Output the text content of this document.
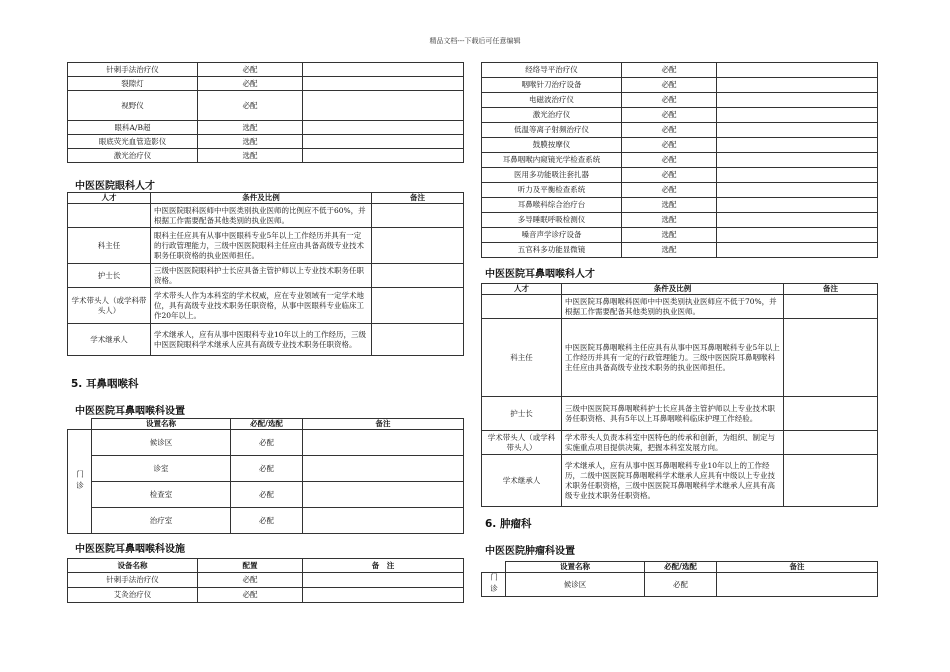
精品文档---下载后可任意编辑
针刺手法治疗仪	必配	
裂隙灯	必配	
视野仪	必配	
眼科A/B超	选配	
眼底荧光血管造影仪	选配	
激光治疗仪	选配	
中医医院眼科人才
人才	条件及比例	备注
	中医医院眼科医师中中医类别执业医师的比例应不低于60%，并根据工作需要配备其他类别的执业医师。	
科主任	眼科主任应具有从事中医眼科专业5年以上工作经历并具有一定的行政管理能力，三级中医医院眼科主任应由具备高级专业技术职务任职资格的执业医师担任。	
护士长	三级中医医院眼科护士长应具备主管护师以上专业技术职务任职资格。	
学术带头人（或学科带头人）	学术带头人作为本科室的学术权威，应在专业领域有一定学术地位，具有高级专业技术职务任职资格，从事中医眼科专业临床工作20年以上。	
学术继承人	学术继承人，应有从事中医眼科专业10年以上的工作经历，三级中医医院眼科学术继承人应具有高级专业技术职务任职资格。	
5. 耳鼻咽喉科
中医医院耳鼻咽喉科设置
	设置名称	必配/选配	备注
门诊	候诊区	必配	
	诊室	必配	
	检查室	必配	
	治疗室	必配	
中医医院耳鼻咽喉科设施
设备名称	配置	备　注
针刺手法治疗仪	必配	
艾灸治疗仪	必配	
经络导平治疗仪	必配	
咽喉针刀治疗设备	必配	
电磁波治疗仪	必配	
激光治疗仪	必配	
低温等离子射频治疗仪	必配	
鼓膜按摩仪	必配	
耳鼻咽喉内窥镜光学检查系统	必配	
医用多功能吸注套扎器	必配	
听力及平衡检查系统	必配	
耳鼻喉科综合治疗台	选配	
多导睡眠呼吸检测仪	选配	
嗓音声学诊疗设备	选配	
五官科多功能显微镜	选配	
中医医院耳鼻咽喉科人才
人才	条件及比例	备注
	中医医院耳鼻咽喉科医师中中医类别执业医师应不低于70%，并根据工作需要配备其他类别的执业医师。	
科主任	中医医院耳鼻咽喉科主任应具有从事中医耳鼻咽喉科专业5年以上工作经历并具有一定的行政管理能力。三级中医医院耳鼻咽喉科主任应由具备高级专业技术职务的执业医师担任。	
护士长	三级中医医院耳鼻咽喉科护士长应具备主管护师以上专业技术职务任职资格、具有5年以上耳鼻咽喉科临床护理工作经验。	
学术带头人（或学科带头人）	学术带头人负责本科室中医特色的传承和创新，为组织、制定与实施重点项目提供决策，把握本科室发展方向。	
学术继承人	学术继承人，应有从事中医耳鼻咽喉科专业10年以上的工作经历，二级中医医院耳鼻咽喉科学术继承人应具有中级以上专业技术职务任职资格，三级中医医院耳鼻咽喉科学术继承人应具有高级专业技术职务任职资格。	
6. 肿瘤科
中医医院肿瘤科设置
	设置名称	必配/选配	备注
门诊	候诊区	必配	
